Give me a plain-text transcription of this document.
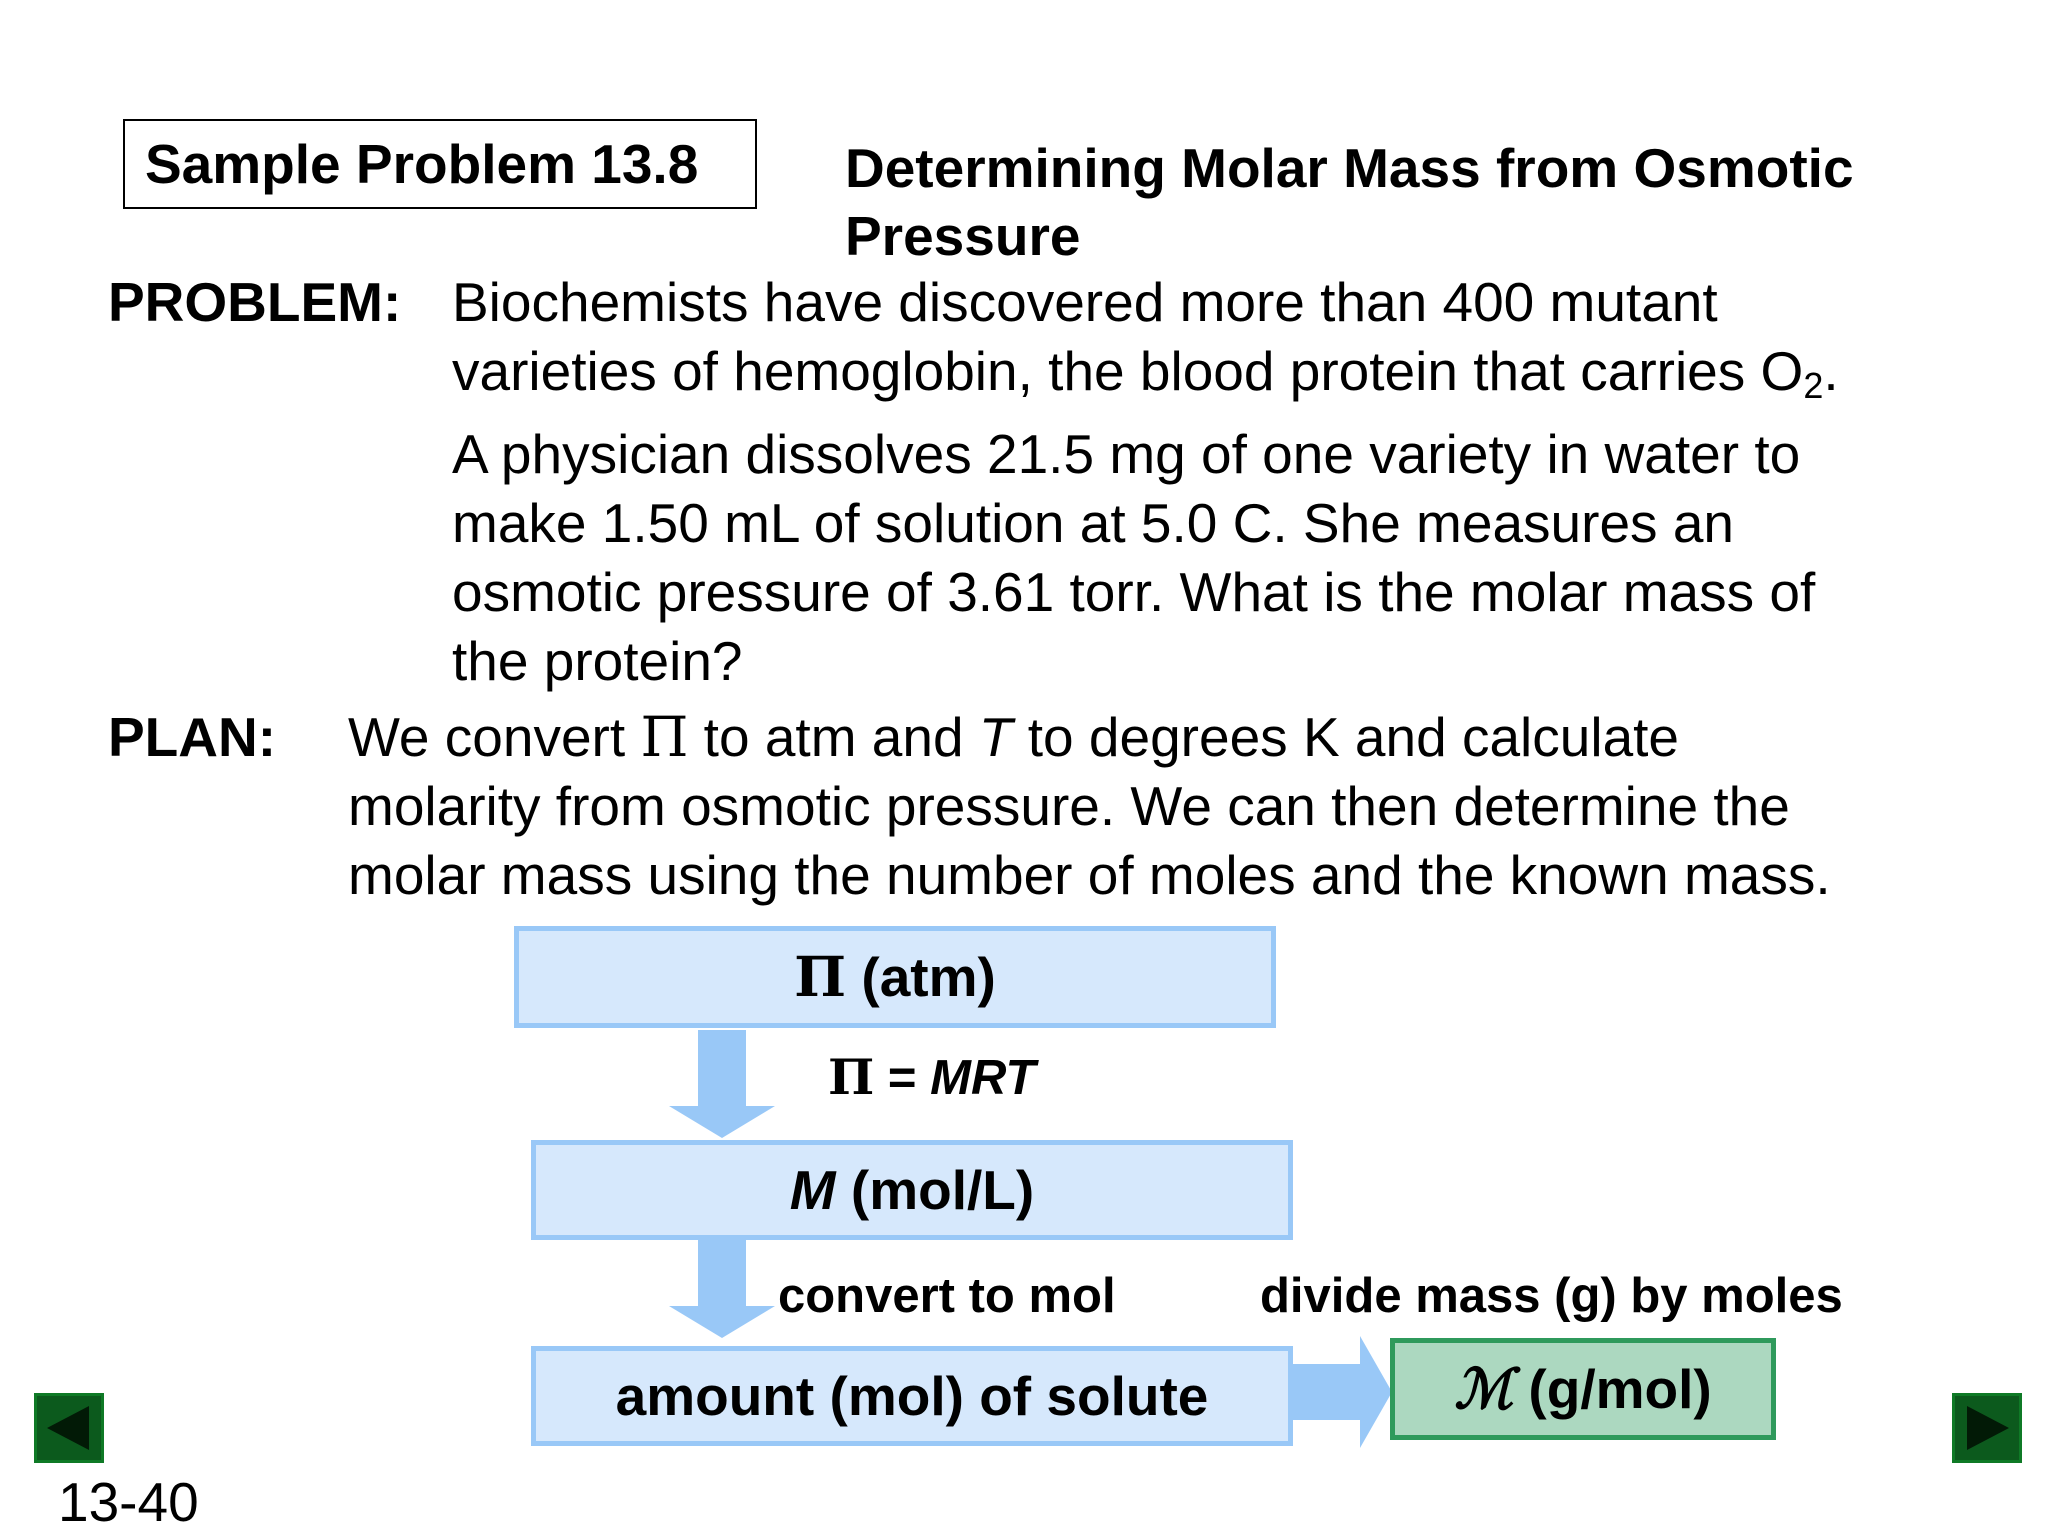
Sample Problem 13.8	Determining Molar Mass from Osmotic Pressure
PROBLEM: Biochemists have discovered more than 400 mutant
varieties of hemoglobin, the blood protein that carries $O_2$.
A physician dissolves 21.5 mg of one variety in water to
make 1.50 mL of solution at 5.0 C. She measures an
osmotic pressure of 3.61 torr. What is the molar mass of
the protein?
PLAN: We convert Π to atm and T to degrees K and calculate
molarity from osmotic pressure. We can then determine the
molar mass using the number of moles and the known mass.
Π (atm)
Π = MRT
M (mol/L)
convert to mol	divide mass (g) by moles
amount (mol) of solute	ℳ (g/mol)
13-40
